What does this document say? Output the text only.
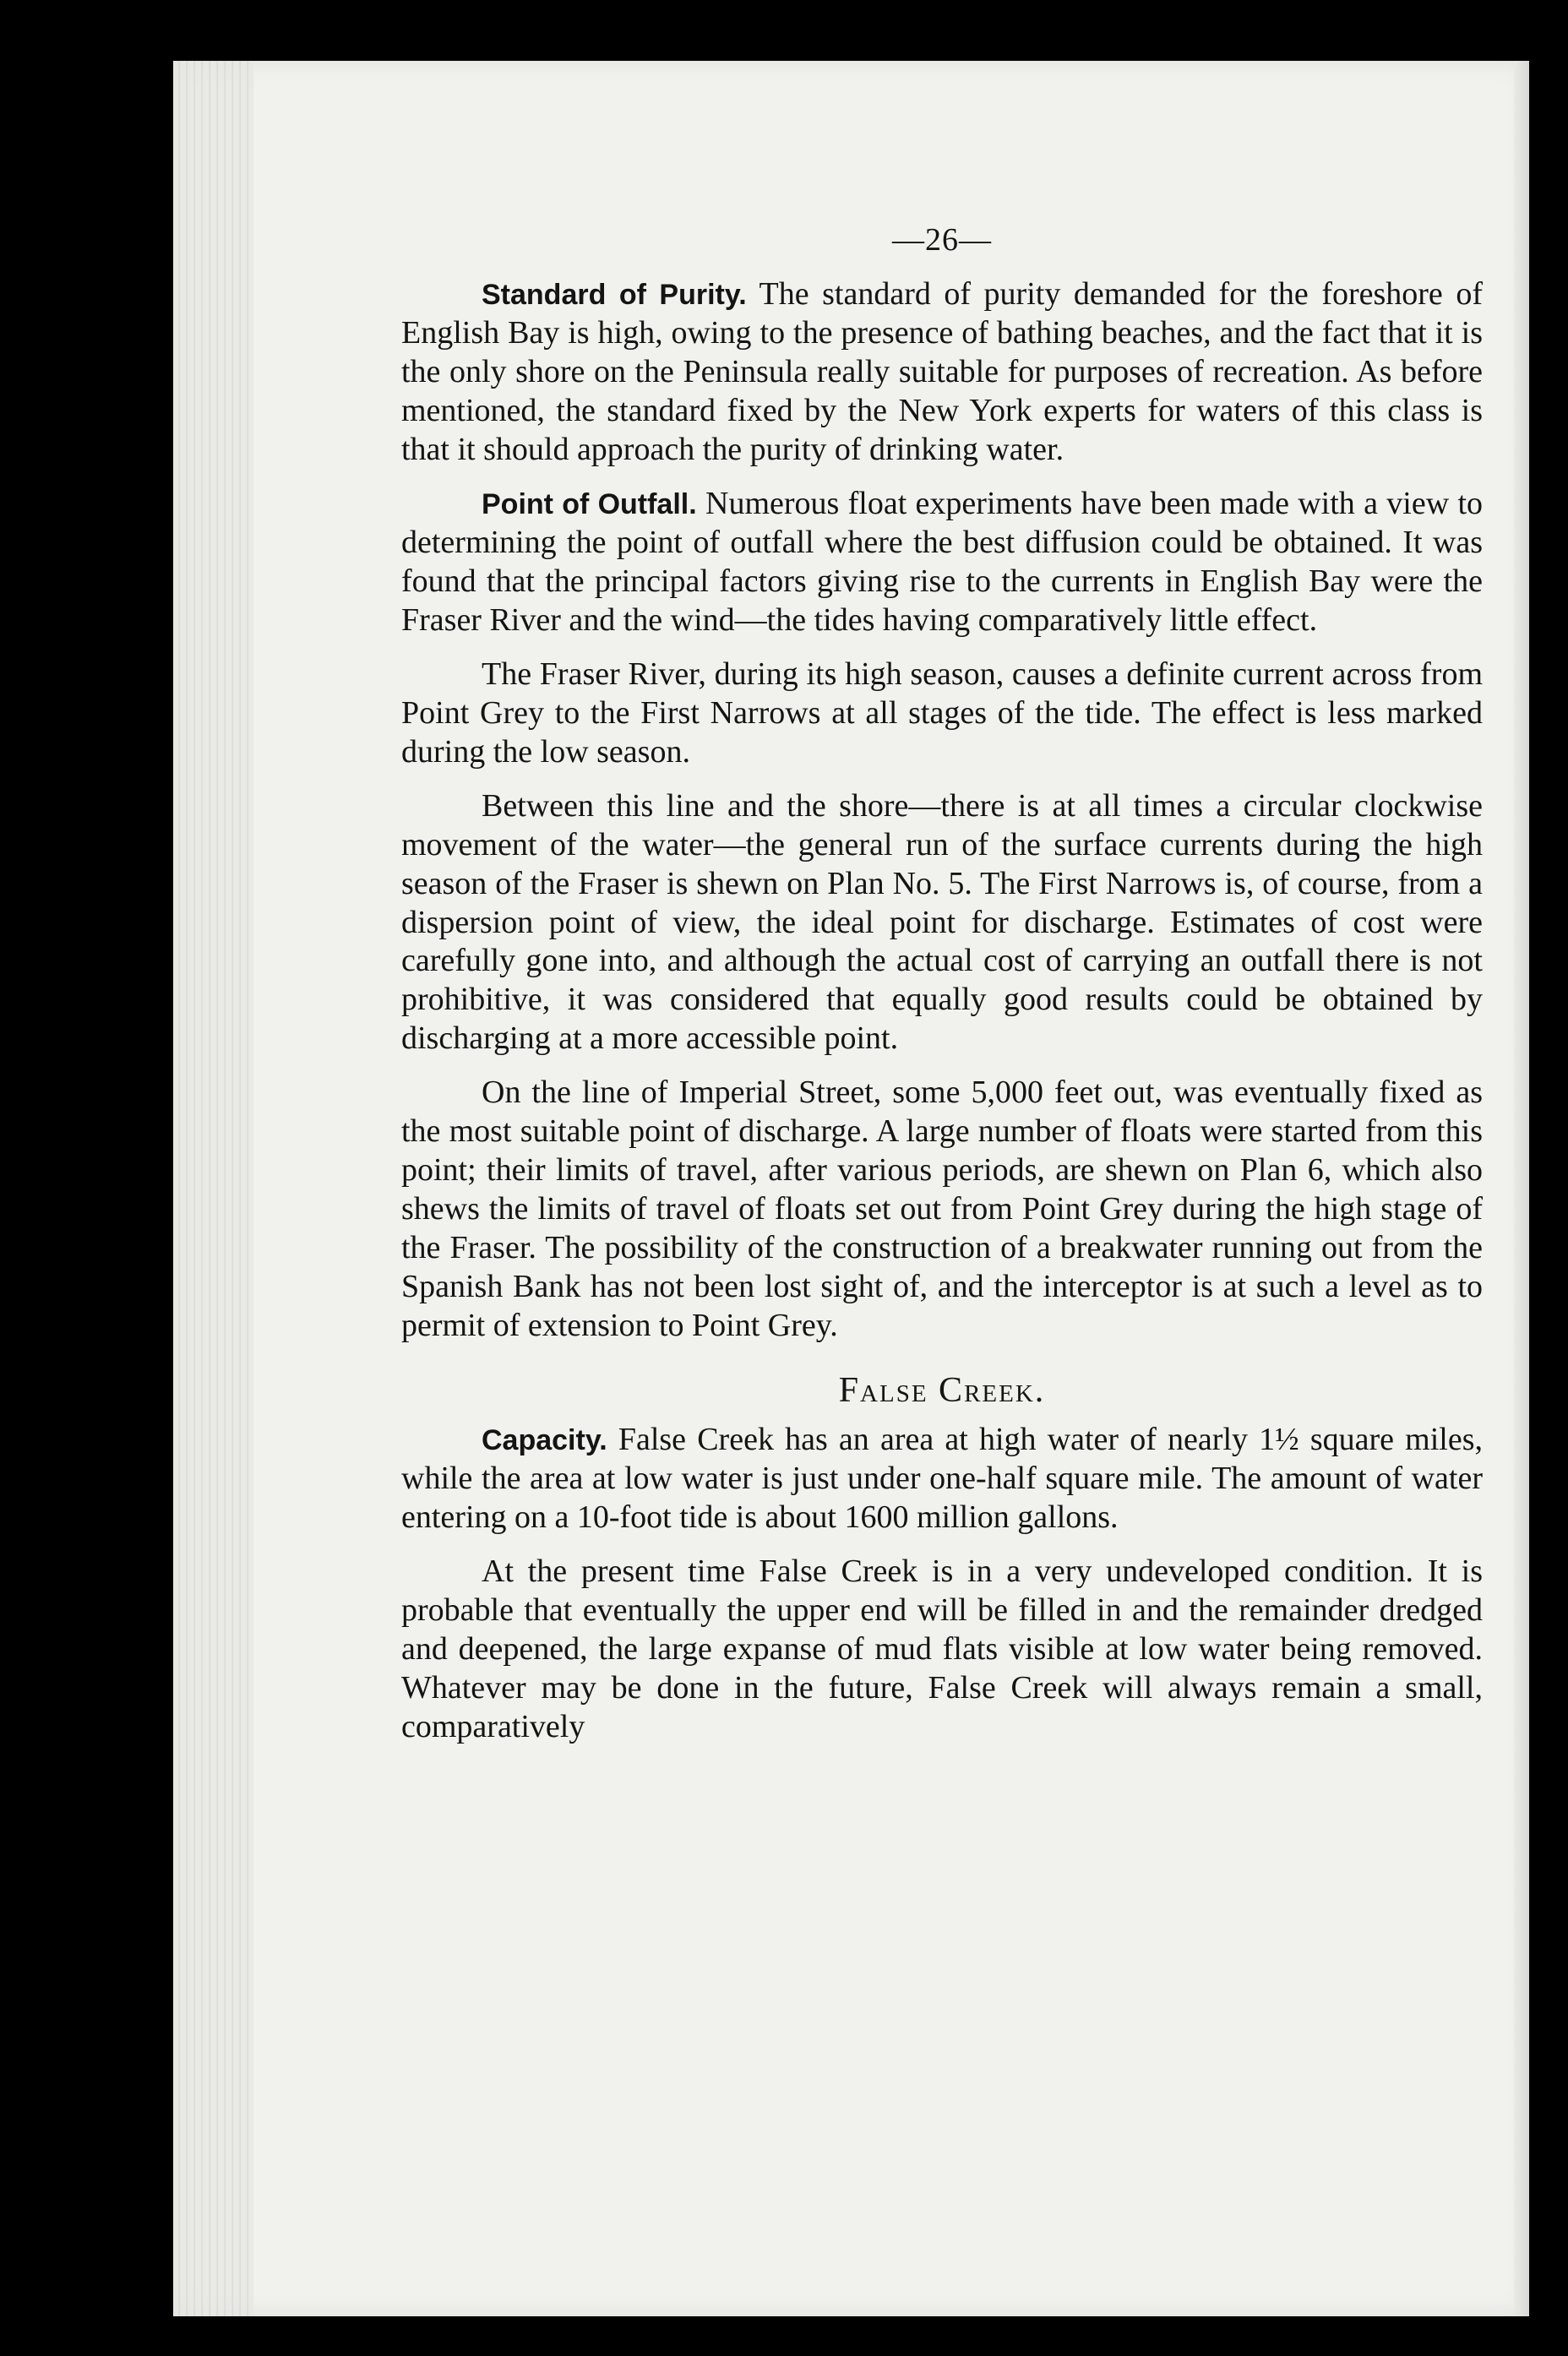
—26—

Standard of Purity. The standard of purity demanded for the foreshore of English Bay is high, owing to the presence of bathing beaches, and the fact that it is the only shore on the Peninsula really suitable for purposes of recreation. As before mentioned, the standard fixed by the New York experts for waters of this class is that it should approach the purity of drinking water.

Point of Outfall. Numerous float experiments have been made with a view to determining the point of outfall where the best diffusion could be obtained. It was found that the principal factors giving rise to the currents in English Bay were the Fraser River and the wind—the tides having comparatively little effect.

The Fraser River, during its high season, causes a definite current across from Point Grey to the First Narrows at all stages of the tide. The effect is less marked during the low season.

Between this line and the shore—there is at all times a circular clockwise movement of the water—the general run of the surface currents during the high season of the Fraser is shewn on Plan No. 5. The First Narrows is, of course, from a dispersion point of view, the ideal point for discharge. Estimates of cost were carefully gone into, and although the actual cost of carrying an outfall there is not prohibitive, it was considered that equally good results could be obtained by discharging at a more accessible point.

On the line of Imperial Street, some 5,000 feet out, was eventually fixed as the most suitable point of discharge. A large number of floats were started from this point; their limits of travel, after various periods, are shewn on Plan 6, which also shews the limits of travel of floats set out from Point Grey during the high stage of the Fraser. The possibility of the construction of a breakwater running out from the Spanish Bank has not been lost sight of, and the interceptor is at such a level as to permit of extension to Point Grey.

False Creek.

Capacity. False Creek has an area at high water of nearly 1½ square miles, while the area at low water is just under one-half square mile. The amount of water entering on a 10-foot tide is about 1600 million gallons.

At the present time False Creek is in a very undeveloped condition. It is probable that eventually the upper end will be filled in and the remainder dredged and deepened, the large expanse of mud flats visible at low water being removed. Whatever may be done in the future, False Creek will always remain a small, comparatively
